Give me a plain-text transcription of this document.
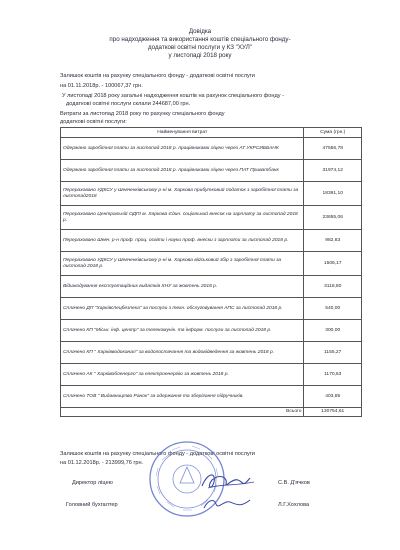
Довідка
про надходження та використання коштів спеціального фонду-
додаткові освітні послуги у КЗ "ХУЛ"
у листопаді 2018 року
Залишок коштів на рахунку спеціального фонду - додаткові освітні послуги
на 01.11.2018р. - 100067,37 грн.
У листопаді 2018 року загальні надходження коштів на рахунок спеціального фонду -
додаткові освітні послуги склали 244687,00 грн.
Витрати за листопад 2018 року по рахунку спеціального фонду
додаткові освітні послуги:
Найменування витрат	Сума (грн.)
Одержано заробітної плати за листопад 2018 р. працівниками ліцею через АТ УКРСИББАНК	47556,78
Одержано заробітної плати за листопад 2018 р. працівниками ліцею через ПАТ Приватбанк	31974,12
Перераховано УДКСУ у Шевченківському р-ні м. Харкова прибутковий податок з заробітної плати за листопад2018	18391,10
Перераховано Центральній ОДПІ м. Харкова Єдин. соціальний внесок на зарплату за листопад 2018 р.	23655,06
Перераховано Шевч. р-н проф. проц. освіти і науки проф. внески з зарплати за листопад 2018 р.	982,83
Перераховано УДКСУ у Шевченківському р-ні м. Харкова військовий збір з заробітної плати за листопад 2018 р.	1506,17
Відшкодування експлуатаційних видатків ХНУ за жовтень 2018 р.	3118,80
Сплачено ДП "Харківспецбезпека" за послуги з техн. обслуговування АПС за листопад 2018 р.	540,00
Сплачено КП "Міськ. інф. центр" за телекомунік. та інформ. послуги за листопад 2018 р.	300,00
Сплачено КП " Харківводоканал" за водопостачання та водовідведення за жовтень 2018 р.	1155,27
Сплачено АК " Харківобленерго" за електроенергію за жовтень 2018 р.	1170,63
Сплачено ТОВ " Видавництво Ранок" за одержання та зберігання підручників.	403,85
Всього	130754,61
Залишок коштів на рахунку спеціального фонду - додаткові освітні послуги
на 01.12.2018р. - 213999,76 грн.
Директор ліцею	С.В. Д'ячков
Головний бухгалтер	Л.Г.Хохлова
